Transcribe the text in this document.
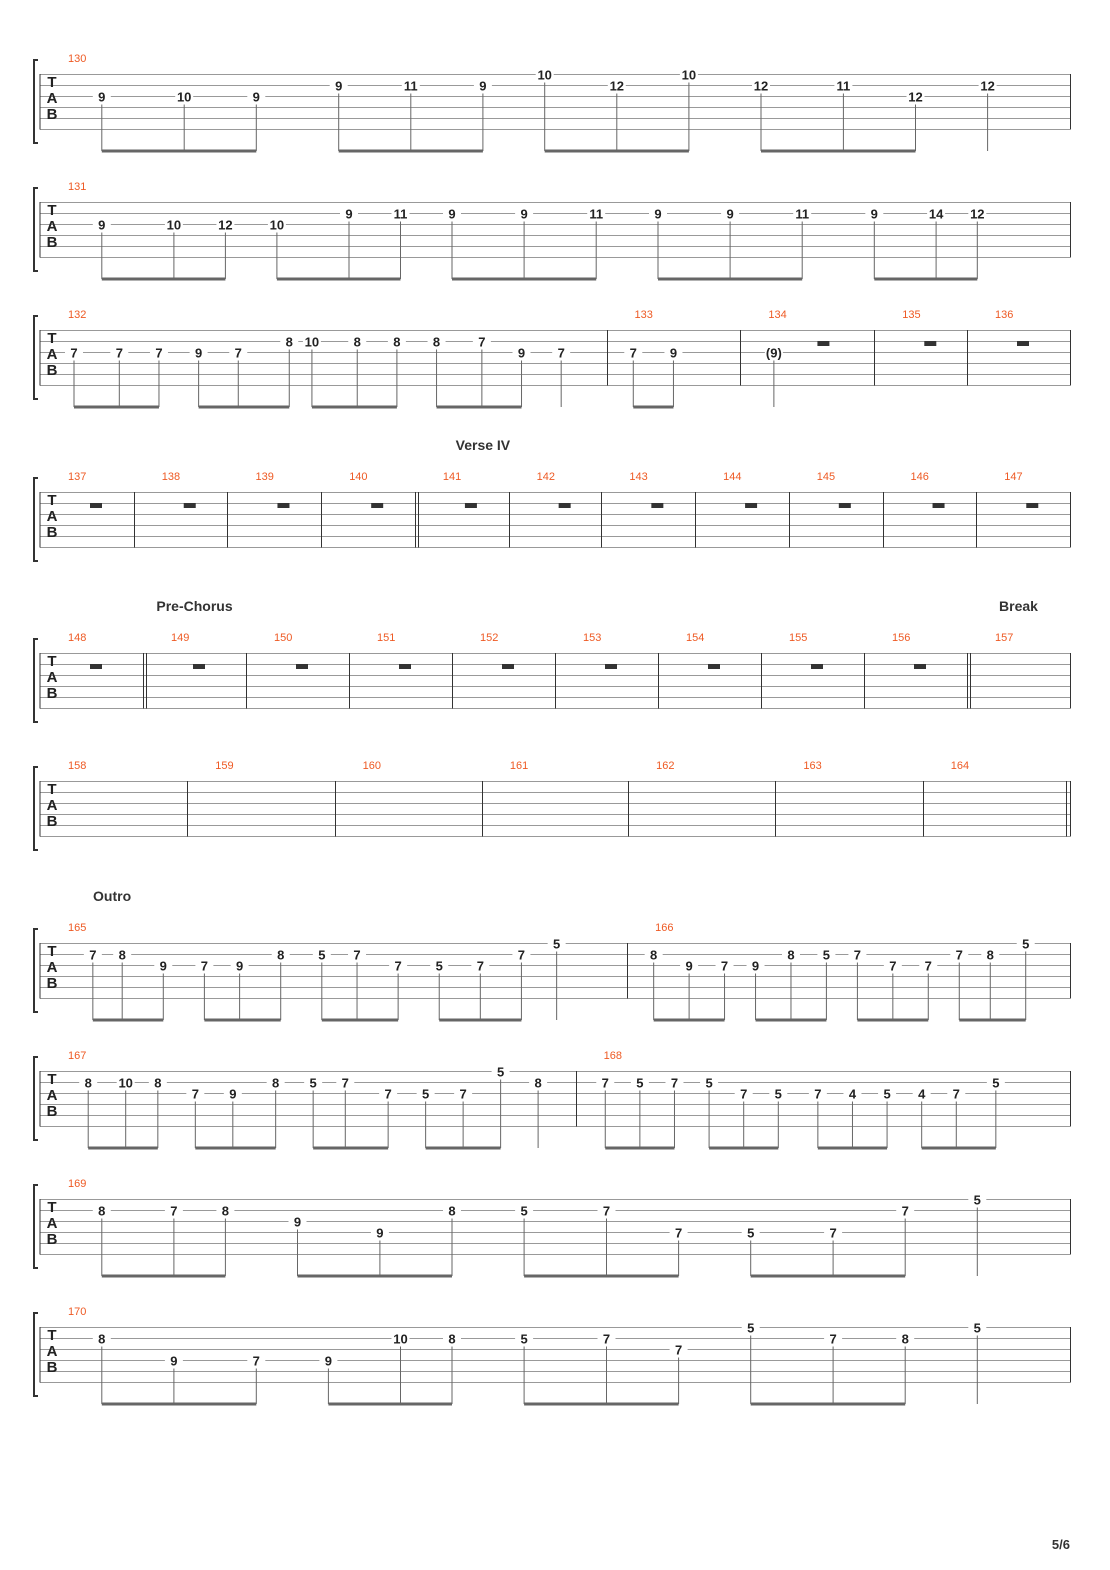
T
A
B
130
9	10	9
9	11	9
10
12
10
12	11
12
12
T
A
B
131
9	10	12	10
9	11	9	9	11	9	9	11	9	14 12
T
A
B
132
7	7 7 9 7
8 10	8 8 8	7
9 7
133
7	9
134
(9)
135	136
T
A
B
Verse IV
137	138	139	140	141	142	143	144	145	146	147
T
A
B
Pre-Chorus	Break
148	149	150	151	152	153	154	155	156	157
T
A
B
158	159	160	161	162	163	164
T
A
B
Outro
165
7 8
9	7 9
8	5 7
7	5	7
7
5
166
8
9 7 9
8 5 7
7 7
7 8
5
T
A
B
167
8 10 8
7 9
8 5 7
7 5 7
5
8
168
7 5 7 5
7 5 7 4 5 4 7
5
T
A
B
169
8	7	8
9
9
8	5	7
7	5	7
7
5
T
A
B
170
8
9	7	9
10	8	5	7
7
5
7	8
5
5/6
